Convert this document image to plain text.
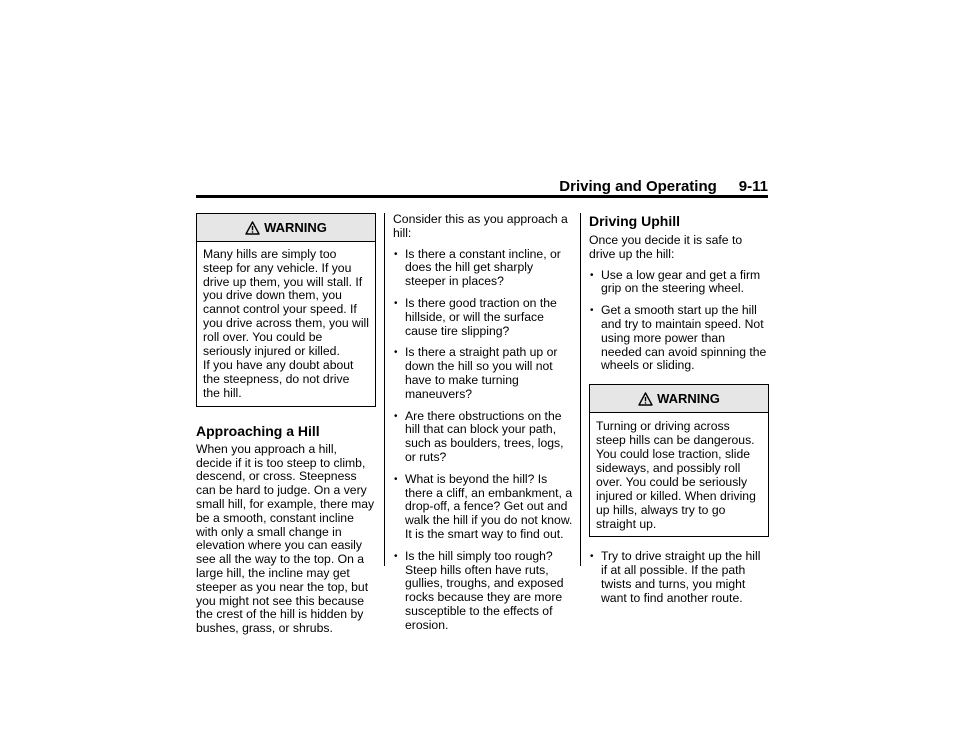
Driving and Operating 9-11
WARNING

Many hills are simply too steep for any vehicle. If you drive up them, you will stall. If you drive down them, you cannot control your speed. If you drive across them, you will roll over. You could be seriously injured or killed.

If you have any doubt about the steepness, do not drive the hill.

Approaching a Hill

When you approach a hill, decide if it is too steep to climb, descend, or cross. Steepness can be hard to judge. On a very small hill, for example, there may be a smooth, constant incline with only a small change in elevation where you can easily see all the way to the top. On a large hill, the incline may get steeper as you near the top, but you might not see this because the crest of the hill is hidden by bushes, grass, or shrubs.

Consider this as you approach a hill:

• Is there a constant incline, or does the hill get sharply steeper in places?
• Is there good traction on the hillside, or will the surface cause tire slipping?
• Is there a straight path up or down the hill so you will not have to make turning maneuvers?
• Are there obstructions on the hill that can block your path, such as boulders, trees, logs, or ruts?
• What is beyond the hill? Is there a cliff, an embankment, a drop-off, a fence? Get out and walk the hill if you do not know. It is the smart way to find out.
• Is the hill simply too rough? Steep hills often have ruts, gullies, troughs, and exposed rocks because they are more susceptible to the effects of erosion.
Driving Uphill

Once you decide it is safe to drive up the hill:

• Use a low gear and get a firm grip on the steering wheel.
• Get a smooth start up the hill and try to maintain speed. Not using more power than needed can avoid spinning the wheels or sliding.
WARNING

Turning or driving across steep hills can be dangerous. You could lose traction, slide sideways, and possibly roll over. You could be seriously injured or killed. When driving up hills, always try to go straight up.

• Try to drive straight up the hill if at all possible. If the path twists and turns, you might want to find another route.
